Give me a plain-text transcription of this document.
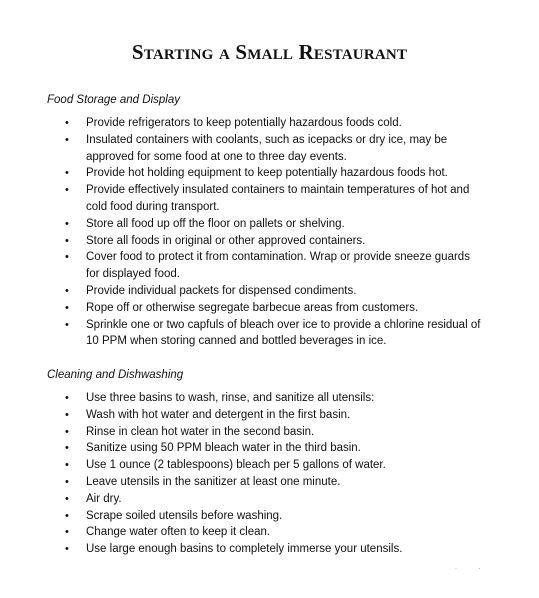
Starting a Small Restaurant
Food Storage and Display
• Provide refrigerators to keep potentially hazardous foods cold.
• Insulated containers with coolants, such as icepacks or dry ice, may be approved for some food at one to three day events.
• Provide hot holding equipment to keep potentially hazardous foods hot.
• Provide effectively insulated containers to maintain temperatures of hot and cold food during transport.
• Store all food up off the floor on pallets or shelving.
• Store all foods in original or other approved containers.
• Cover food to protect it from contamination. Wrap or provide sneeze guards for displayed food.
• Provide individual packets for dispensed condiments.
• Rope off or otherwise segregate barbecue areas from customers.
• Sprinkle one or two capfuls of bleach over ice to provide a chlorine residual of 10 PPM when storing canned and bottled beverages in ice.
Cleaning and Dishwashing
• Use three basins to wash, rinse, and sanitize all utensils:
• Wash with hot water and detergent in the first basin.
• Rinse in clean hot water in the second basin.
• Sanitize using 50 PPM bleach water in the third basin.
• Use 1 ounce (2 tablespoons) bleach per 5 gallons of water.
• Leave utensils in the sanitizer at least one minute.
• Air dry.
• Scrape soiled utensils before washing.
• Change water often to keep it clean.
• Use large enough basins to completely immerse your utensils.
· ·
